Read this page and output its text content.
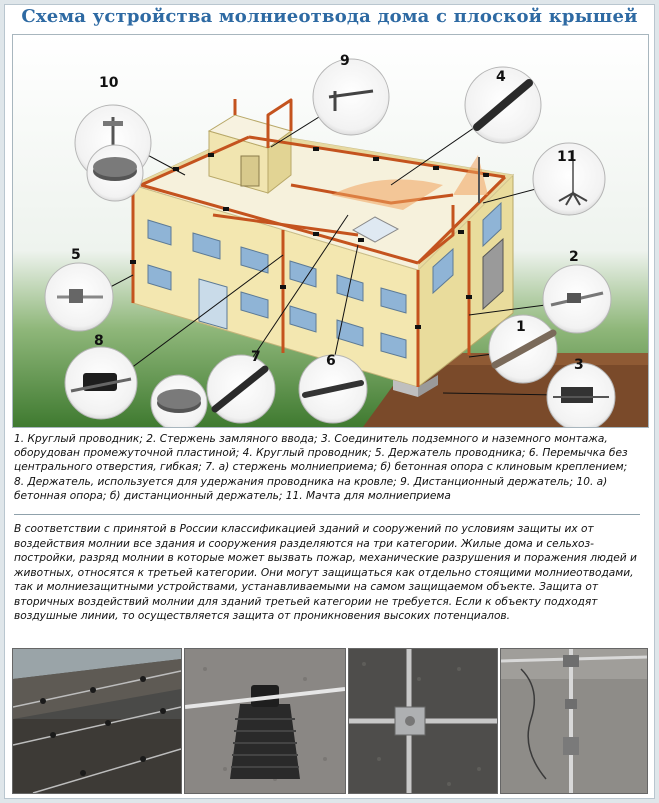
Схема устройства молниеотвода дома с плоской крышей
10
9
4
11
5	2
1
3
8
7	6
1. Круглый проводник; 2. Стержень замляного ввода; 3. Соединитель подземного и наземного монтажа, оборудован промежуточной пластиной; 4. Круглый проводник; 5. Держатель проводника; 6. Перемычка без центрального отверстия, гибкая; 7. а) стержень молниеприема; б) бетонная опора с клиновым креплением; 8. Держатель, используется для удержания проводника на кровле; 9. Дистанционный держатель; 10. а) бетонная опора; б) дистанционный держатель; 11. Мачта для молниеприема
В соответствии с принятой в России классификацией зданий и сооружений по условиям защиты их от воздействия молнии все здания и сооружения разделяются на три категории. Жилые дома и сельхоз-постройки, разряд молнии в которые может вызвать пожар, механические разрушения и поражения людей и животных, относятся к третьей категории. Они могут защищаться как отдельно стоящими молниеотводами, так и молниезащитными устройствами, устанавливаемыми на самом защищаемом объекте. Защита от вторичных воздействий молнии для зданий третьей категории не требуется. Если к объекту подходят воздушные линии, то осуществляется защита от проникновения высоких потенциалов.
